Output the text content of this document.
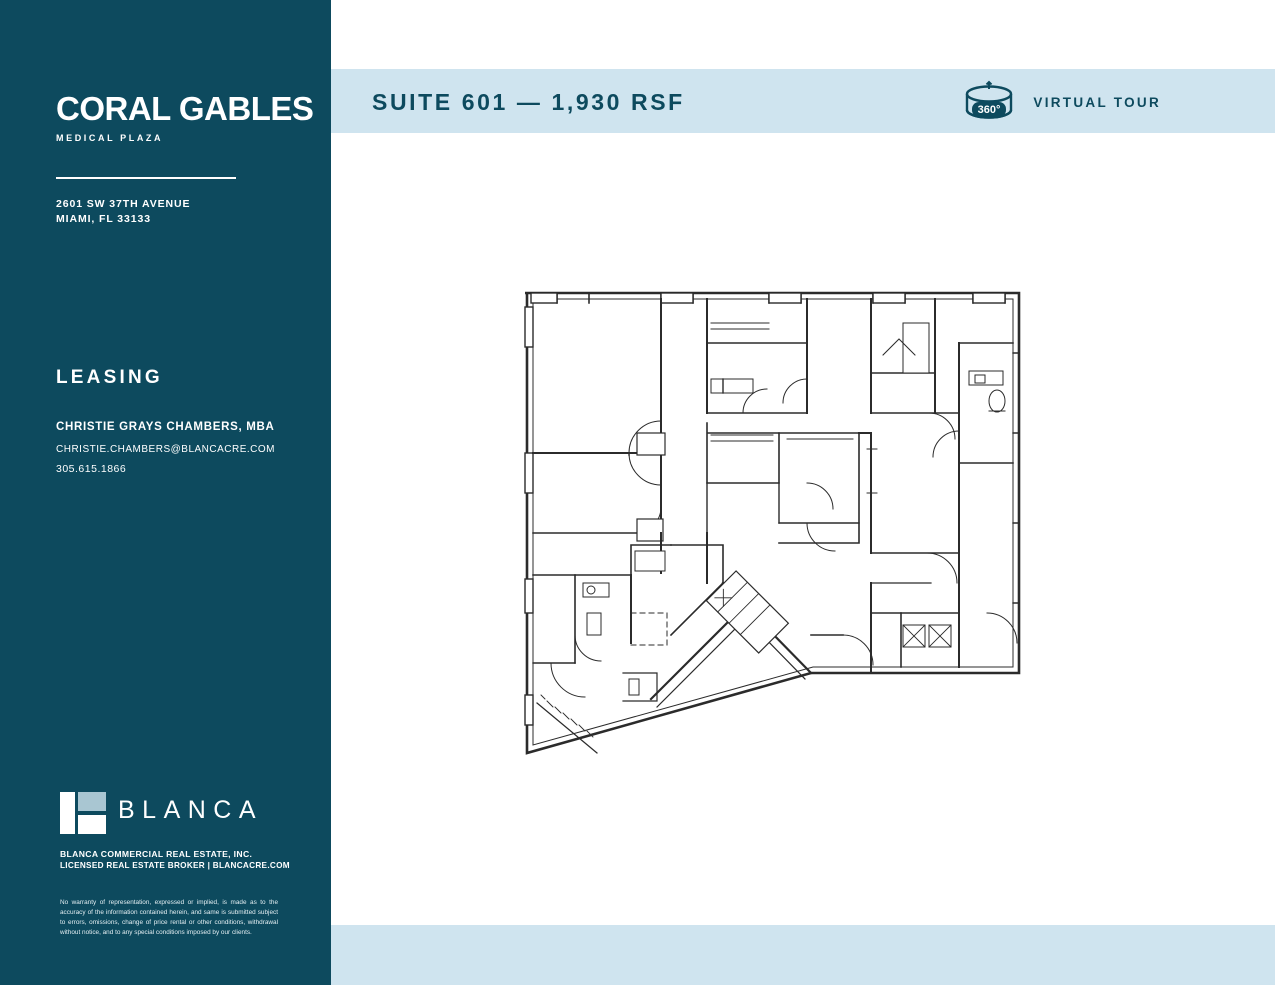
CORAL GABLES
MEDICAL PLAZA
2601 SW 37TH AVENUE
MIAMI, FL 33133
LEASING
CHRISTIE GRAYS CHAMBERS, MBA
CHRISTIE.CHAMBERS@BLANCACRE.COM
305.615.1866
BLANCA
BLANCA COMMERCIAL REAL ESTATE, INC.
LICENSED REAL ESTATE BROKER | BLANCACRE.COM
No warranty of representation, expressed or implied, is made as to the accuracy of the information contained herein, and same is submitted subject to errors, omissions, change of price rental or other conditions, withdrawal without notice, and to any special conditions imposed by our clients.
SUITE 601 — 1,930 RSF	360°
VIRTUAL TOUR
